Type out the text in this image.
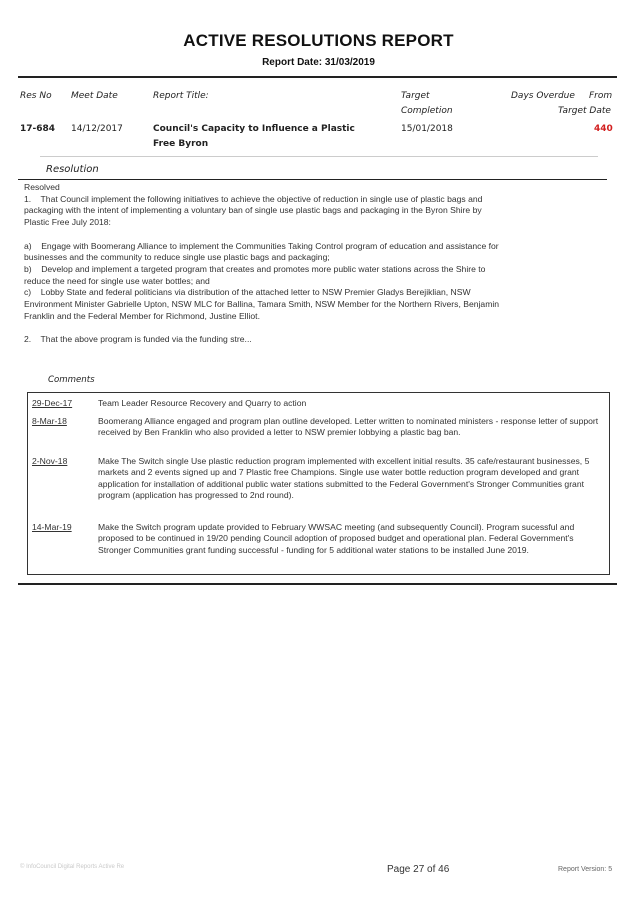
ACTIVE RESOLUTIONS REPORT
Report Date: 31/03/2019
Res No Meet Date	Report Title:	Target
Completion
Days Overdue From
Target Date
17-684 14/12/2017	Council's Capacity to Influence a Plastic
Free Byron
15/01/2018	440
Resolution
Resolved
1.    That Council implement the following initiatives to achieve the objective of reduction in single use of plastic bags and
packaging with the intent of implementing a voluntary ban of single use plastic bags and packaging in the Byron Shire by
Plastic Free July 2018:

a)    Engage with Boomerang Alliance to implement the Communities Taking Control program of education and assistance for
businesses and the community to reduce single use plastic bags and packaging;
b)    Develop and implement a targeted program that creates and promotes more public water stations across the Shire to
reduce the need for single use water bottles; and
c)    Lobby State and federal politicians via distribution of the attached letter to NSW Premier Gladys Berejiklian, NSW
Environment Minister Gabrielle Upton, NSW MLC for Ballina, Tamara Smith, NSW Member for the Northern Rivers, Benjamin
Franklin and the Federal Member for Richmond, Justine Elliot.

2.    That the above program is funded via the funding stre...
Comments
29-Dec-17	Team Leader Resource Recovery and Quarry to action
8-Mar-18	Boomerang Alliance engaged and program plan outline developed. Letter written to nominated ministers - response letter of support received by Ben Franklin who also provided a letter to NSW premier lobbying a plastic bag ban.
2-Nov-18	Make The Switch single Use plastic reduction program implemented with excellent initial results. 35 cafe/restaurant businesses, 5 markets and 2 events signed up and 7 Plastic free Champions. Single use water bottle reduction program developed and grant application for installation of additional public water stations submitted to the Federal Government's Stronger Communities grant program (application has progressed to 2nd round).
14-Mar-19	Make the Switch program update provided to February WWSAC meeting (and subsequently Council). Program sucessful and proposed to be continued in 19/20 pending Council adoption of proposed budget and operational plan. Federal Government's Stronger Communities grant funding successful - funding for 5 additional water stations to be installed June 2019.
© InfoCouncil Digital Reports Active Re	Page 27 of 46	Report Version: 5
